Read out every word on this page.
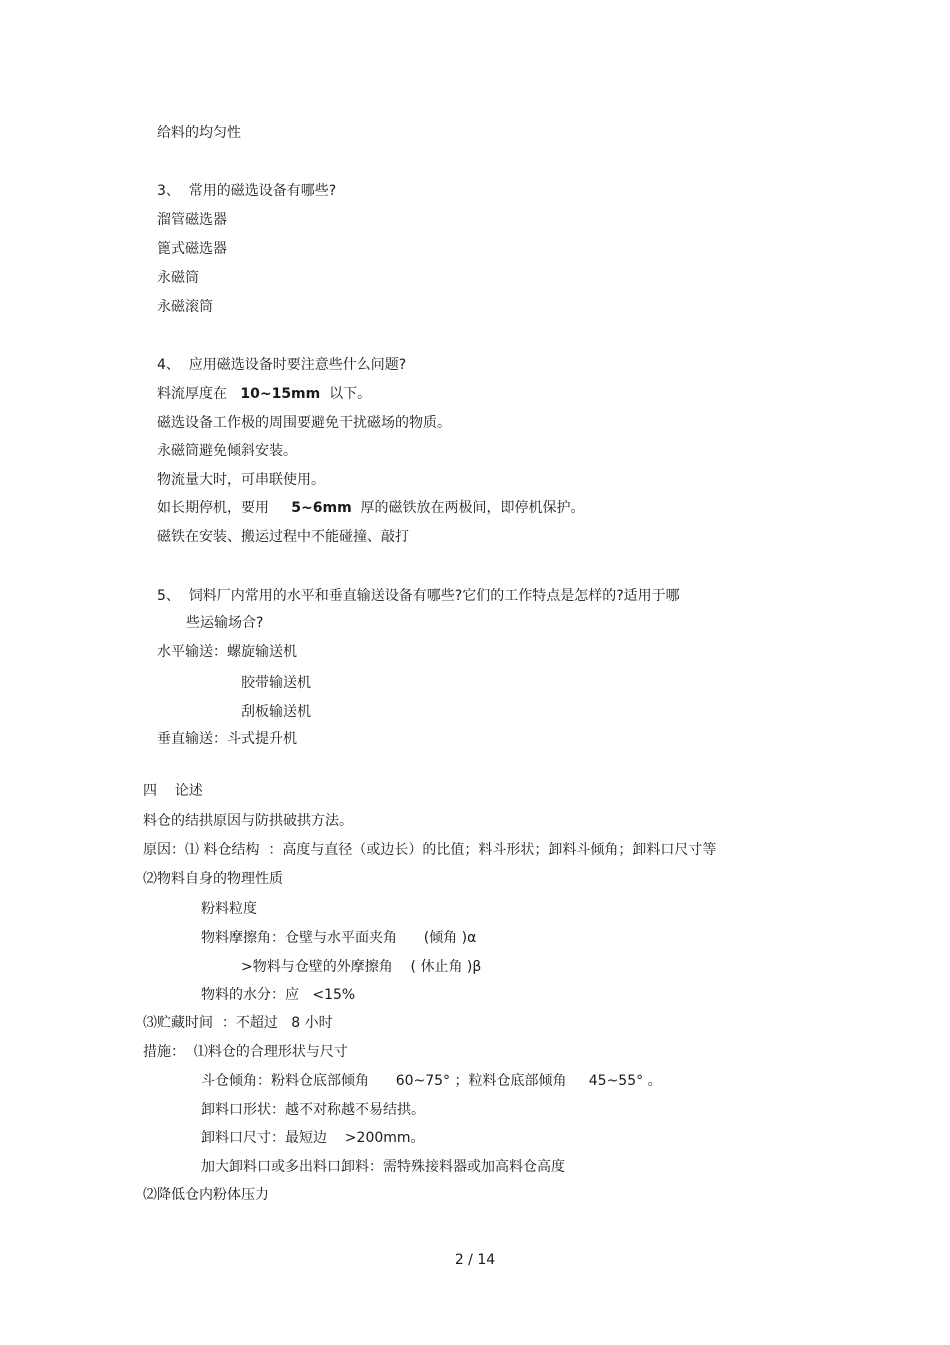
给料的均匀性
3、  常用的磁选设备有哪些?
溜管磁选器
篦式磁选器
永磁筒
永磁滚筒
4、  应用磁选设备时要注意些什么问题?
料流厚度在   10~15mm  以下。
磁选设备工作极的周围要避免干扰磁场的物质。
永磁筒避免倾斜安装。
物流量大时，可串联使用。
如长期停机，要用     5~6mm  厚的磁铁放在两极间，即停机保护。
磁铁在安装、搬运过程中不能碰撞、敲打
5、  饲料厂内常用的水平和垂直输送设备有哪些?它们的工作特点是怎样的?适用于哪
些运输场合?
水平输送：螺旋输送机
胶带输送机
刮板输送机
垂直输送：斗式提升机
四    论述
料仓的结拱原因与防拱破拱方法。
原因：⑴ 料仓结构  ：高度与直径（或边长）的比值；料斗形状；卸料斗倾角；卸料口尺寸等
⑵物料自身的物理性质
粉料粒度
物料摩擦角：仓壁与水平面夹角      (倾角 )α
>物料与仓壁的外摩擦角    ( 休止角 )β
物料的水分：应   <15%
⑶贮藏时间  ：不超过   8 小时
措施：  ⑴料仓的合理形状与尺寸
斗仓倾角：粉料仓底部倾角      60~75° ；粒料仓底部倾角     45~55° 。
卸料口形状：越不对称越不易结拱。
卸料口尺寸：最短边    >200mm。
加大卸料口或多出料口卸料：需特殊接料器或加高料仓高度
⑵降低仓内粉体压力
2 / 14
